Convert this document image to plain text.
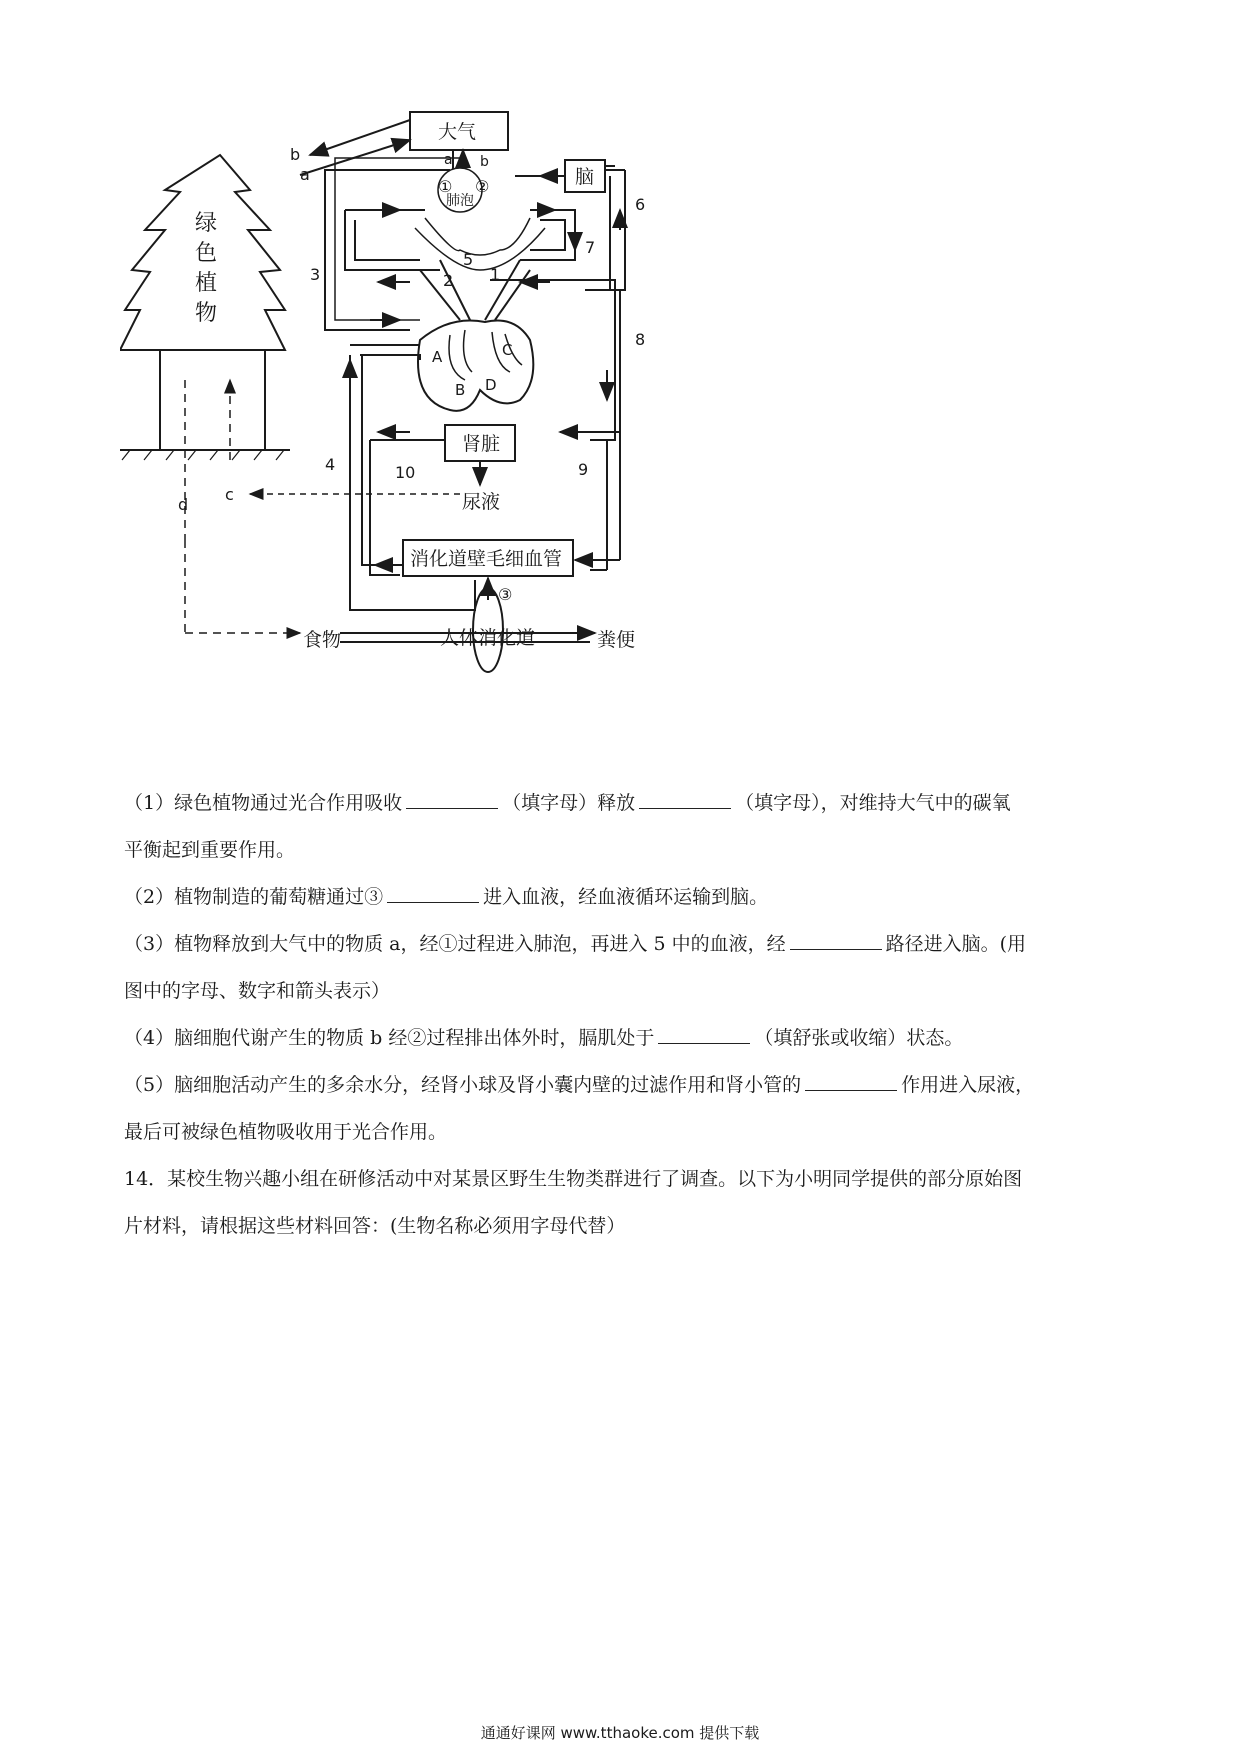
大气
脑
绿
色
植
物
肺泡
肾脏
尿液
消化道壁毛细血管
食物	人体消化道	粪便
A
B
C
D
a
b	a b
c
d
① ②
③
1
2
3
4
5
6
7
8
9
10
（1）绿色植物通过光合作用吸收	（填字母）释放	（填字母），对维持大气中的碳氧
平衡起到重要作用。
（2）植物制造的葡萄糖通过③	进入血液，经血液循环运输到脑。
（3）植物释放到大气中的物质 a，经①过程进入肺泡，再进入 5 中的血液，经	路径进入脑。(用
图中的字母、数字和箭头表示）
（4）脑细胞代谢产生的物质 b 经②过程排出体外时，膈肌处于	（填舒张或收缩）状态。
（5）脑细胞活动产生的多余水分，经肾小球及肾小囊内壁的过滤作用和肾小管的	作用进入尿液，
最后可被绿色植物吸收用于光合作用。
14．某校生物兴趣小组在研修活动中对某景区野生生物类群进行了调查。以下为小明同学提供的部分原始图
片材料，请根据这些材料回答：(生物名称必须用字母代替）
通通好课网 www.tthaoke.com 提供下载
